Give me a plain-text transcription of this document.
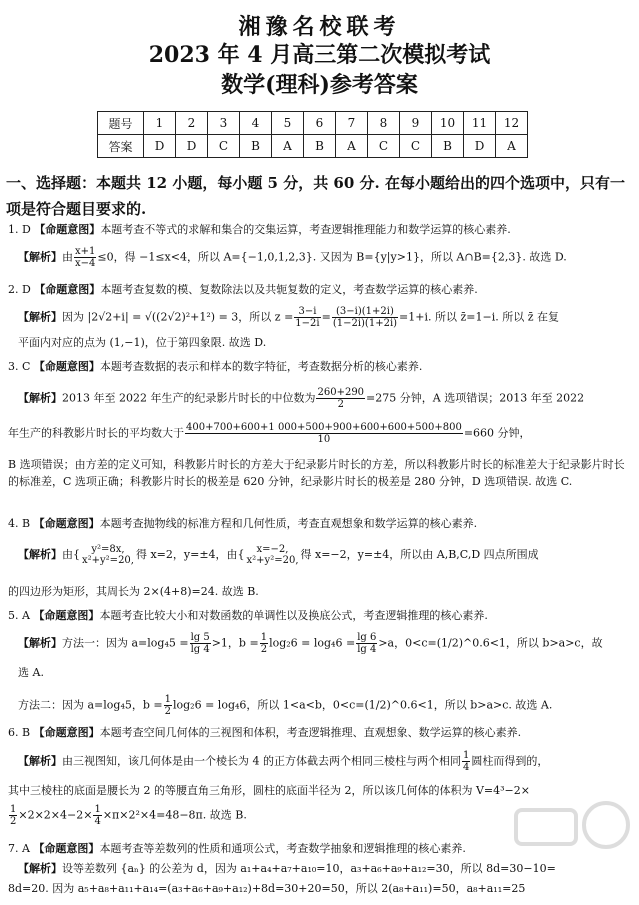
湘豫名校联考
2023 年 4 月高三第二次模拟考试
数学(理科)参考答案
题号	1	2	3	4	5	6	7	8	9	10	11	12
答案	D	D	C	B	A	B	A	C	C	B	D	A
一、选择题：本题共 12 小题，每小题 5 分，共 60 分. 在每小题给出的四个选项中，只有一项是符合题目要求的.
1. D 【命题意图】本题考查不等式的求解和集合的交集运算，考查逻辑推理能力和数学运算的核心素养.
【解析】由 $\frac{x+1}{x-4} \le 0$，得 −1≤x<4，所以 A={−1,0,1,2,3}. 又因为 B={y|y>1}，所以 A∩B={2,3}. 故选 D.
2. D 【命题意图】本题考查复数的模、复数除法以及共轭复数的定义，考查数学运算的核心素养.
【解析】因为 |2√2+i| = √((2√2)²+1²) = 3，所以 $z = \frac{3-i}{1-2i} = \frac{(3-i)(1+2i)}{(1-2i)(1+2i)} =1+i$. 所以 z̄=1−i. 所以 z̄ 在复
平面内对应的点为 (1,−1)，位于第四象限. 故选 D.
3. C 【命题意图】本题考查数据的表示和样本的数字特征，考查数据分析的核心素养.
【解析】2013 年至 2022 年生产的纪录影片时长的中位数为 $\frac{260+290}{2} =275$ 分钟，A 选项错误；2013 年至 2022
年生产的科教影片时长的平均数大于 $\frac{400+700+600+1 000+500+900+600+600+500+800}{10} =660$ 分钟，
B 选项错误；由方差的定义可知，科教影片时长的方差大于纪录影片时长的方差，所以科教影片时长的标准差大于纪录影片时长的标准差，C 选项正确；科教影片时长的极差是 620 分钟，纪录影片时长的极差是 280 分钟，D 选项错误. 故选 C.
4. B 【命题意图】本题考查抛物线的标准方程和几何性质，考查直观想象和数学运算的核心素养.
【解析】由{	y²=8x,
x²+y²=20, 得 x=2，y=±4，由{	x=−2,
x²+y²=20, 得 x=−2，y=±4，所以由 A,B,C,D 四点所围成
的四边形为矩形，其周长为 2×(4+8)=24. 故选 B.
5. A 【命题意图】本题考查比较大小和对数函数的单调性以及换底公式，考查逻辑推理的核心素养.
【解析】方法一：因为 $a=\log_45 = \frac{\lg 5}{\lg 4} >1$，$b = \frac{1}{2} \log_26 = \log_46 = \frac{\lg 6}{\lg 4} >a$，0<c=(1/2)^0.6<1，所以 b>a>c，故
选 A.
方法二：因为 a=log₄5，$b = \frac{1}{2} \log_26 = \log_46$，所以 1<a<b，0<c=(1/2)^0.6<1，所以 b>a>c. 故选 A.
6. B 【命题意图】本题考查空间几何体的三视图和体积，考查逻辑推理、直观想象、数学运算的核心素养.
【解析】由三视图知，该几何体是由一个棱长为 4 的正方体截去两个相同三棱柱与两个相同 $\frac{1}{4}$ 圆柱而得到的，
其中三棱柱的底面是腰长为 2 的等腰直角三角形，圆柱的底面半径为 2，所以该几何体的体积为 V=4³−2×
$\frac{1}{2} \times 2\times 2\times 4-2\times \frac{1}{4} \times\pi\times 2^2\times 4=48-8\pi$. 故选 B.
7. A 【命题意图】本题考查等差数列的性质和通项公式，考查数学抽象和逻辑推理的核心素养.
【解析】设等差数列 {aₙ} 的公差为 d，因为 a₁+a₄+a₇+a₁₀=10，a₃+a₆+a₉+a₁₂=30，所以 8d=30−10=
8d=20. 因为 a₅+a₈+a₁₁+a₁₄=(a₃+a₆+a₉+a₁₂)+8d=30+20=50，所以 2(a₈+a₁₁)=50，a₈+a₁₁=25
